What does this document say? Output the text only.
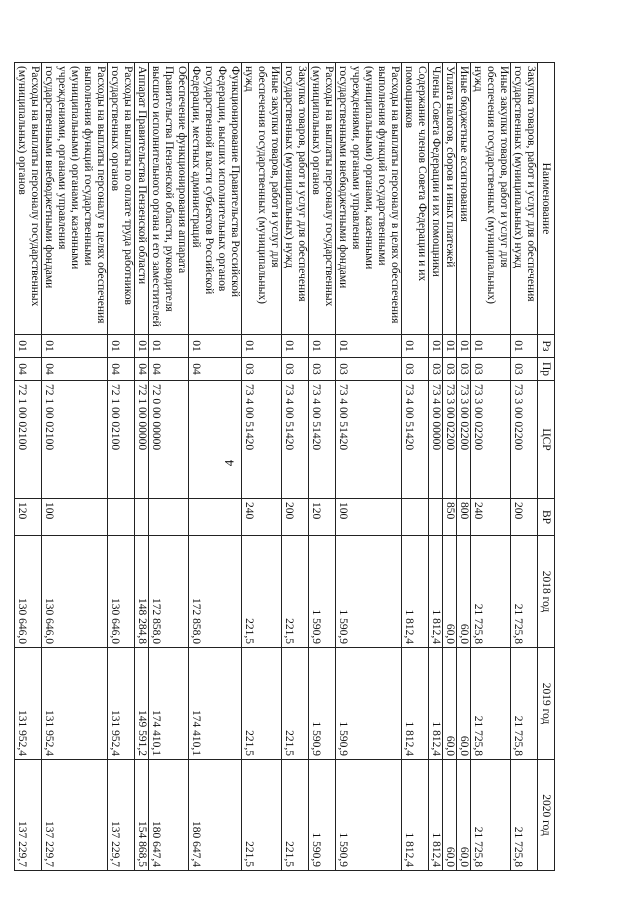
4
Наименование	Рз	Пр	ЦСР	ВР	2018 год	2019 год	2020 год
Закупка товаров, работ и услуг для обеспечения государственных (муниципальных) нужд	01	03	73 3 00 02200	200	21 725,8	21 725,8	21 725,8
Иные закупки товаров, работ и услуг для обеспечения государственных (муниципальных) нужд	01	03	73 3 00 02200	240	21 725,8	21 725,8	21 725,8
Иные бюджетные ассигнования	01	03	73 3 00 02200	800	60,0	60,0	60,0
Уплата налогов, сборов и иных платежей	01	03	73 3 00 02200	850	60,0	60,0	60,0
Члены Совета Федерации и их помощники	01	03	73 4 00 00000		1 812,4	1 812,4	1 812,4
Содержание членов Совета Федерации и их помощников	01	03	73 4 00 51420		1 812,4	1 812,4	1 812,4
Расходы на выплаты персоналу в целях обеспечения выполнения функций государственными (муниципальными) органами, казенными учреждениями, органами управления государственными внебюджетными фондами	01	03	73 4 00 51420	100	1 590,9	1 590,9	1 590,9
Расходы на выплаты персоналу государственных (муниципальных) органов	01	03	73 4 00 51420	120	1 590,9	1 590,9	1 590,9
Закупка товаров, работ и услуг для обеспечения государственных (муниципальных) нужд	01	03	73 4 00 51420	200	221,5	221,5	221,5
Иные закупки товаров, работ и услуг для обеспечения государственных (муниципальных) нужд	01	03	73 4 00 51420	240	221,5	221,5	221,5
Функционирование Правительства Российской Федерации, высших исполнительных органов государственной власти субъектов Российской Федерации, местных администраций	01	04			172 858,0	174 410,1	180 647,4
Обеспечение функционирования аппарата Правительства Пензенской области, руководителя высшего исполнительного органа и его заместителей	01	04	72 0 00 00000		172 858,0	174 410,1	180 647,4
Аппарат Правительства Пензенской области	01	04	72 1 00 00000		148 284,8	149 591,2	154 868,5
Расходы на выплаты по оплате труда работников государственных органов	01	04	72 1 00 02100		130 646,0	131 952,4	137 229,7
Расходы на выплаты персоналу в целях обеспечения выполнения функций государственными (муниципальными) органами, казенными учреждениями, органами управления государственными внебюджетными фондами	01	04	72 1 00 02100	100	130 646,0	131 952,4	137 229,7
Расходы на выплаты персоналу государственных (муниципальных) органов	01	04	72 1 00 02100	120	130 646,0	131 952,4	137 229,7
